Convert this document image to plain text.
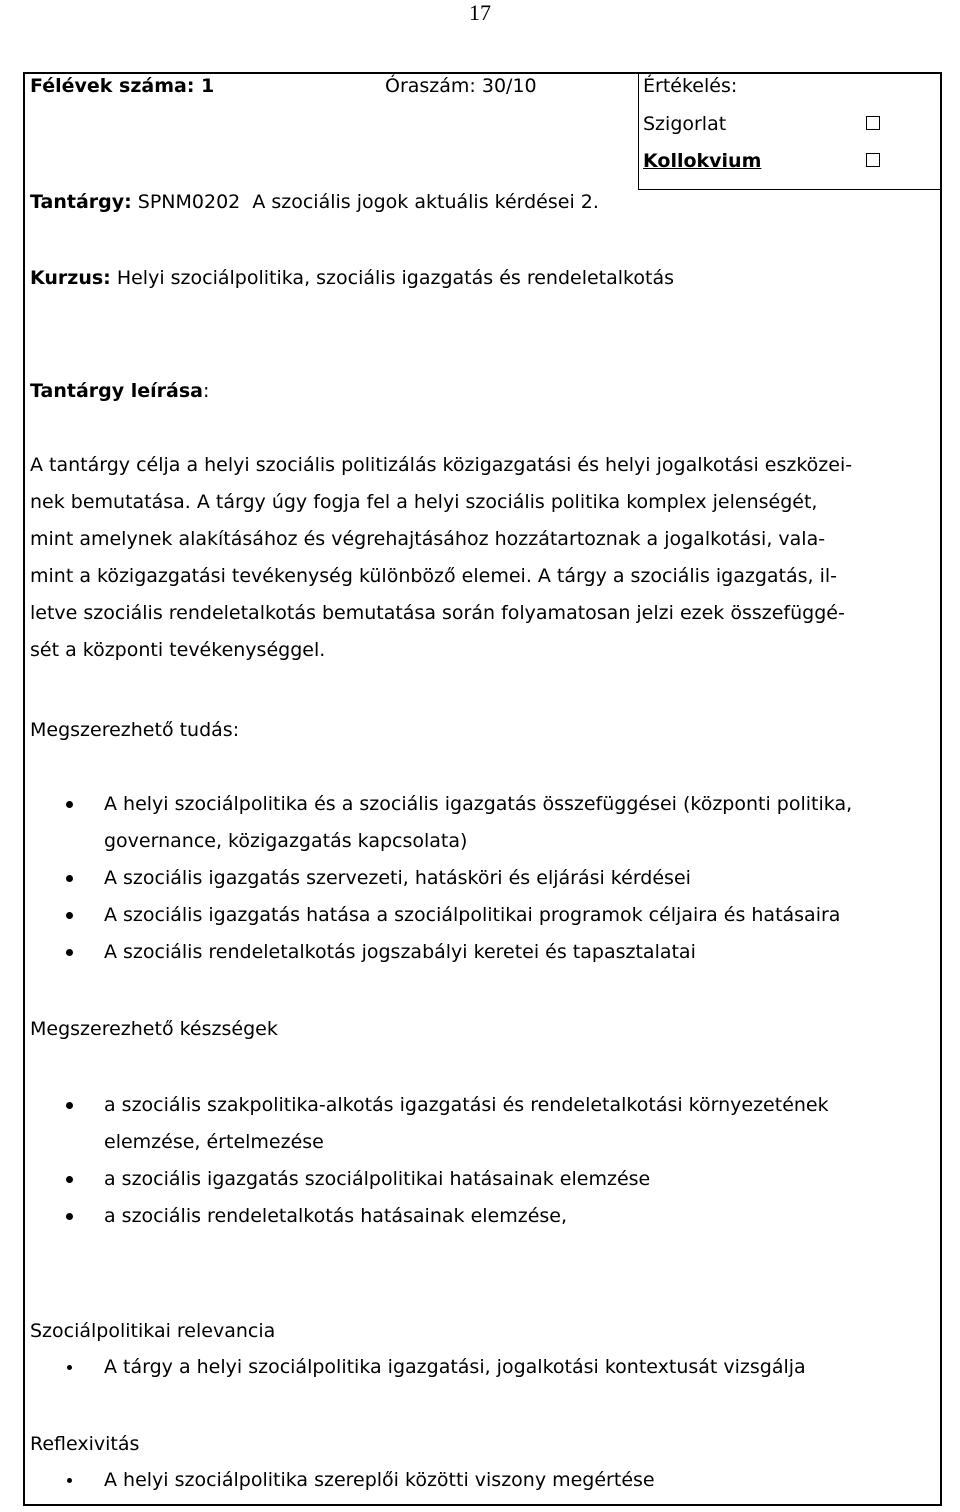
17
Félévek száma: 1	Óraszám: 30/10	Értékelés:
Szigorlat
Kollokvium
Tantárgy: SPNM0202  A szociális jogok aktuális kérdései 2.
Kurzus: Helyi szociálpolitika, szociális igazgatás és rendeletalkotás
Tantárgy leírása:
A tantárgy célja a helyi szociális politizálás közigazgatási és helyi jogalkotási eszközei-
nek bemutatása. A tárgy úgy fogja fel a helyi szociális politika komplex jelenségét,
mint amelynek alakításához és végrehajtásához hozzátartoznak a jogalkotási, vala-
mint a közigazgatási tevékenység különböző elemei. A tárgy a szociális igazgatás, il-
letve szociális rendeletalkotás bemutatása során folyamatosan jelzi ezek összefüggé-
sét a központi tevékenységgel.
Megszerezhető tudás:
A helyi szociálpolitika és a szociális igazgatás összefüggései (központi politika,
governance, közigazgatás kapcsolata)
A szociális igazgatás szervezeti, hatásköri és eljárási kérdései
A szociális igazgatás hatása a szociálpolitikai programok céljaira és hatásaira
A szociális rendeletalkotás jogszabályi keretei és tapasztalatai
Megszerezhető készségek
a szociális szakpolitika-alkotás igazgatási és rendeletalkotási környezetének
elemzése, értelmezése
a szociális igazgatás szociálpolitikai hatásainak elemzése
a szociális rendeletalkotás hatásainak elemzése,
Szociálpolitikai relevancia
A tárgy a helyi szociálpolitika igazgatási, jogalkotási kontextusát vizsgálja
Reflexivitás
A helyi szociálpolitika szereplői közötti viszony megértése
